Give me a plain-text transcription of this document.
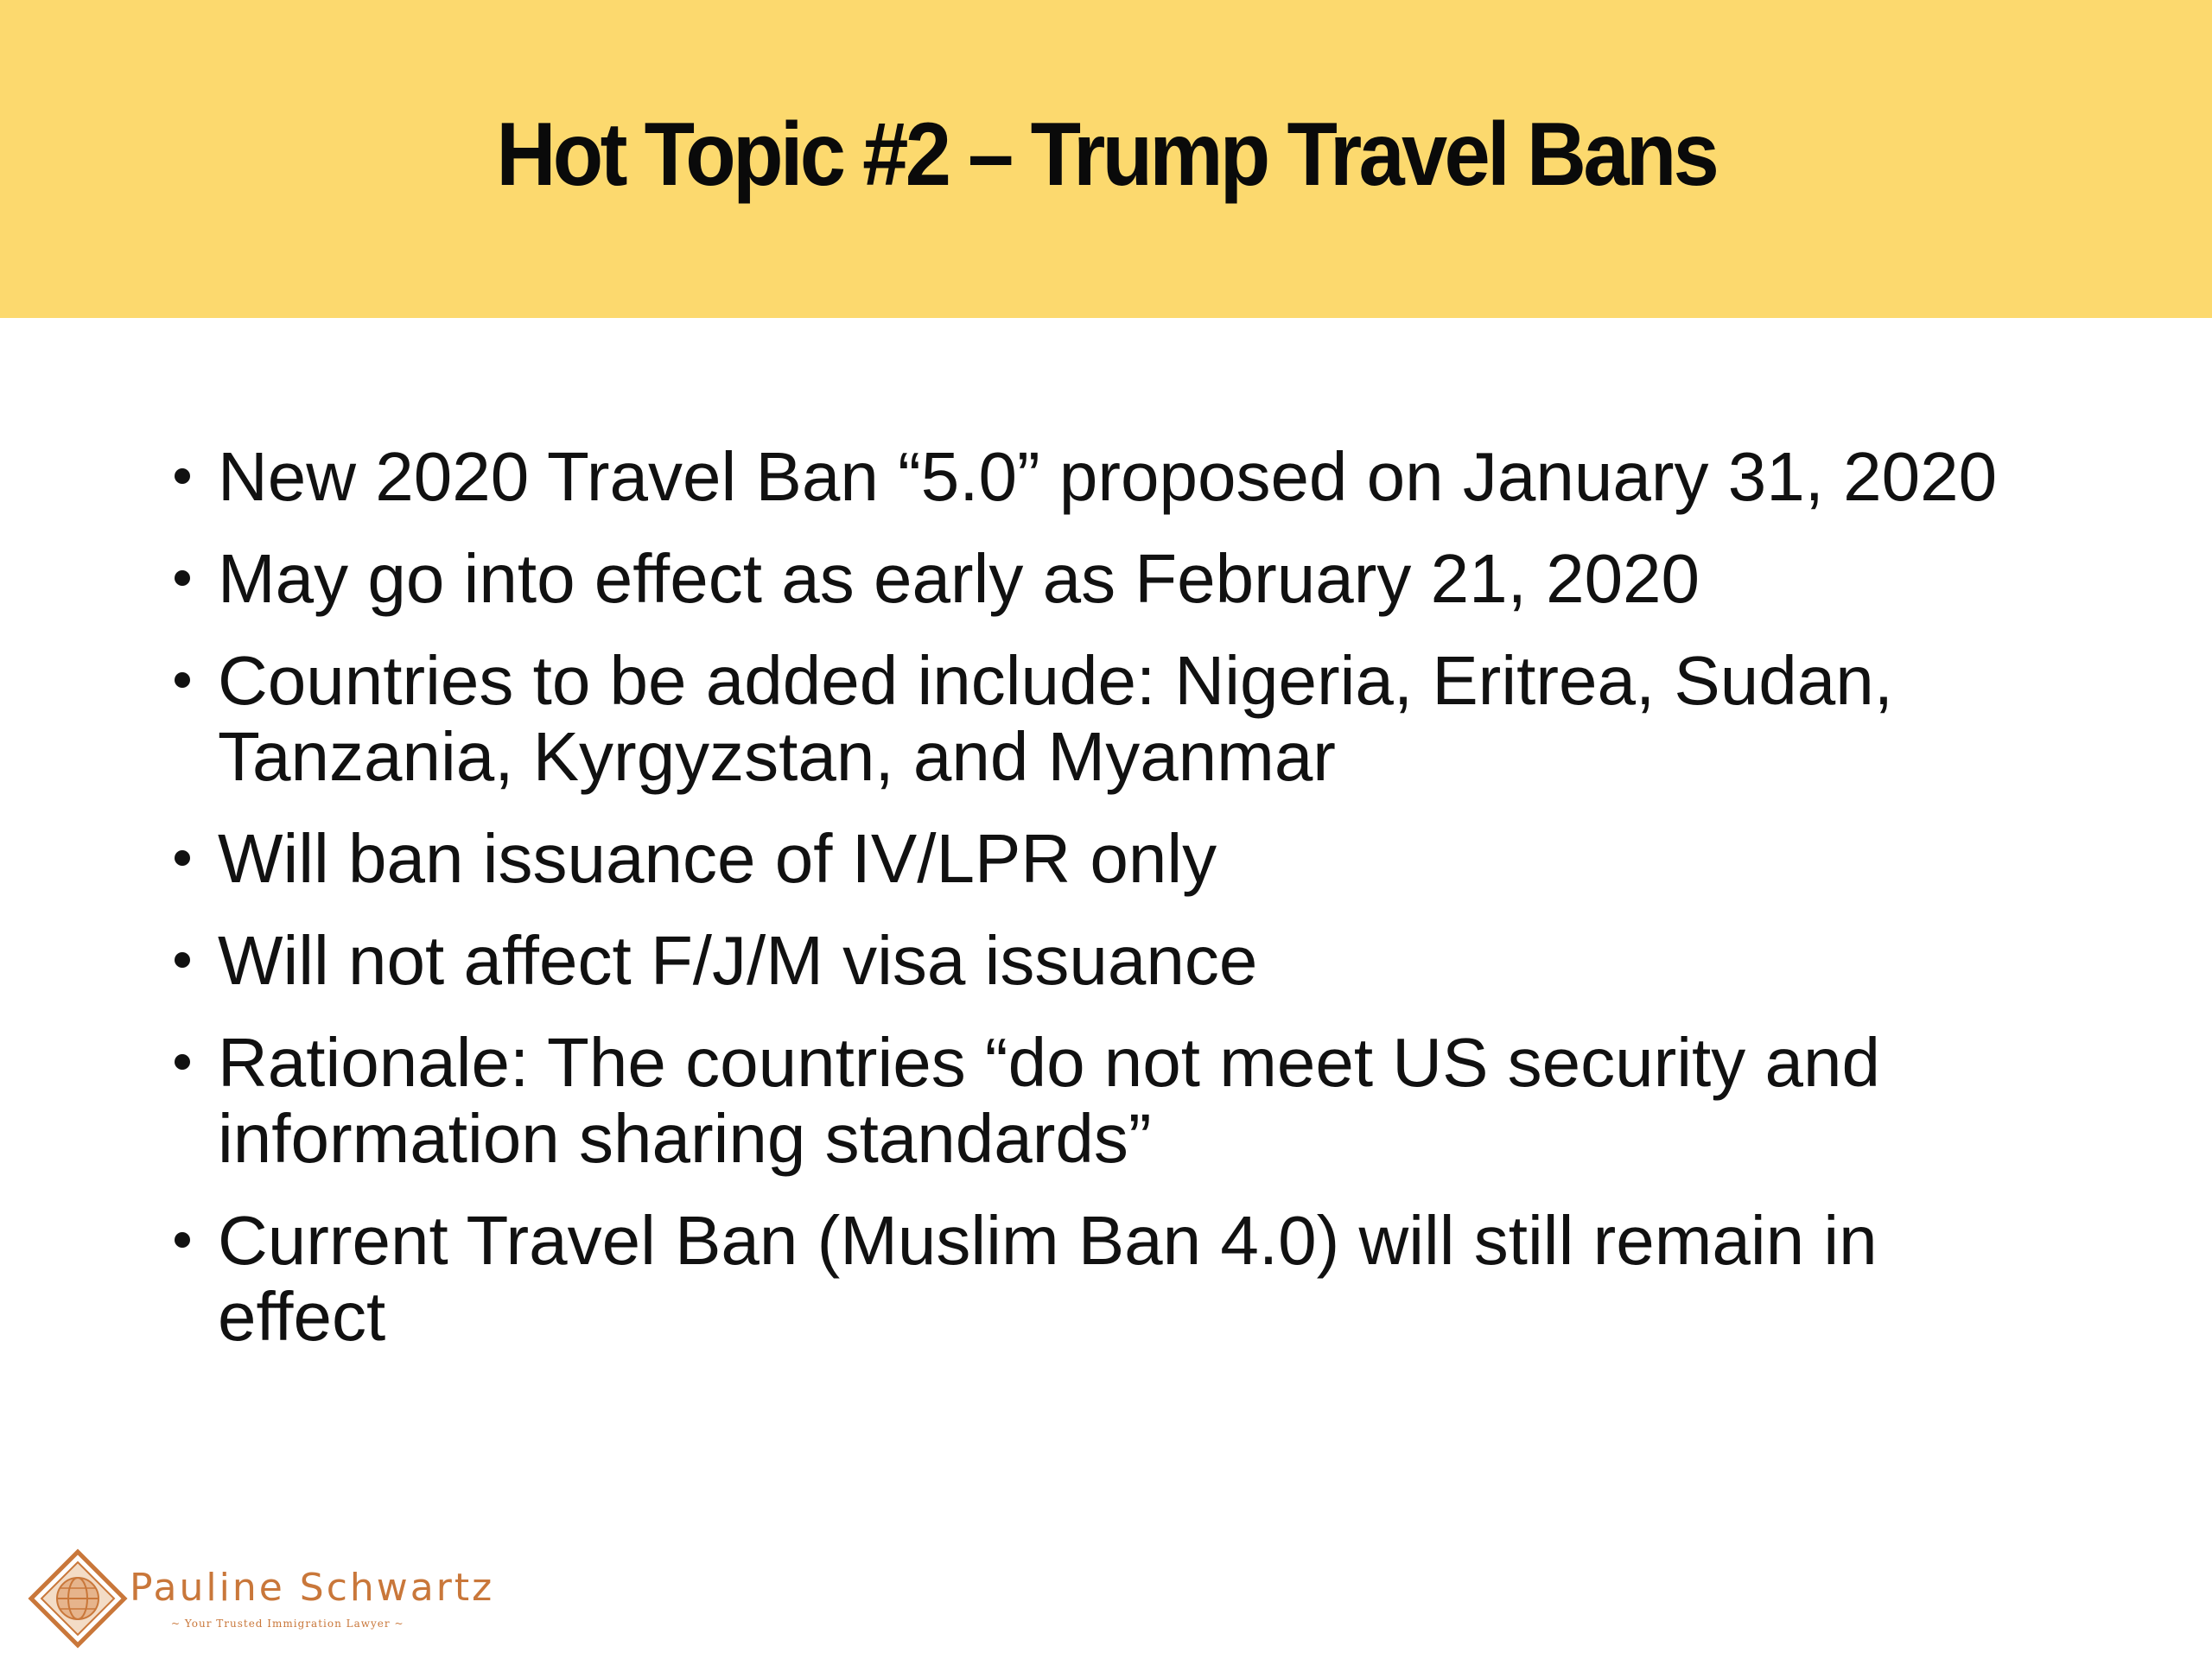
Hot Topic #2 – Trump Travel Bans
New 2020 Travel Ban “5.0” proposed on January 31, 2020
May go into effect as early as February 21, 2020
Countries to be added include: Nigeria, Eritrea, Sudan, Tanzania, Kyrgyzstan, and Myanmar
Will ban issuance of IV/LPR only
Will not affect F/J/M visa issuance
Rationale: The countries “do not meet US security and information sharing standards”
Current Travel Ban (Muslim Ban 4.0) will still remain in effect
Pauline Schwartz
~ Your Trusted Immigration Lawyer ~
